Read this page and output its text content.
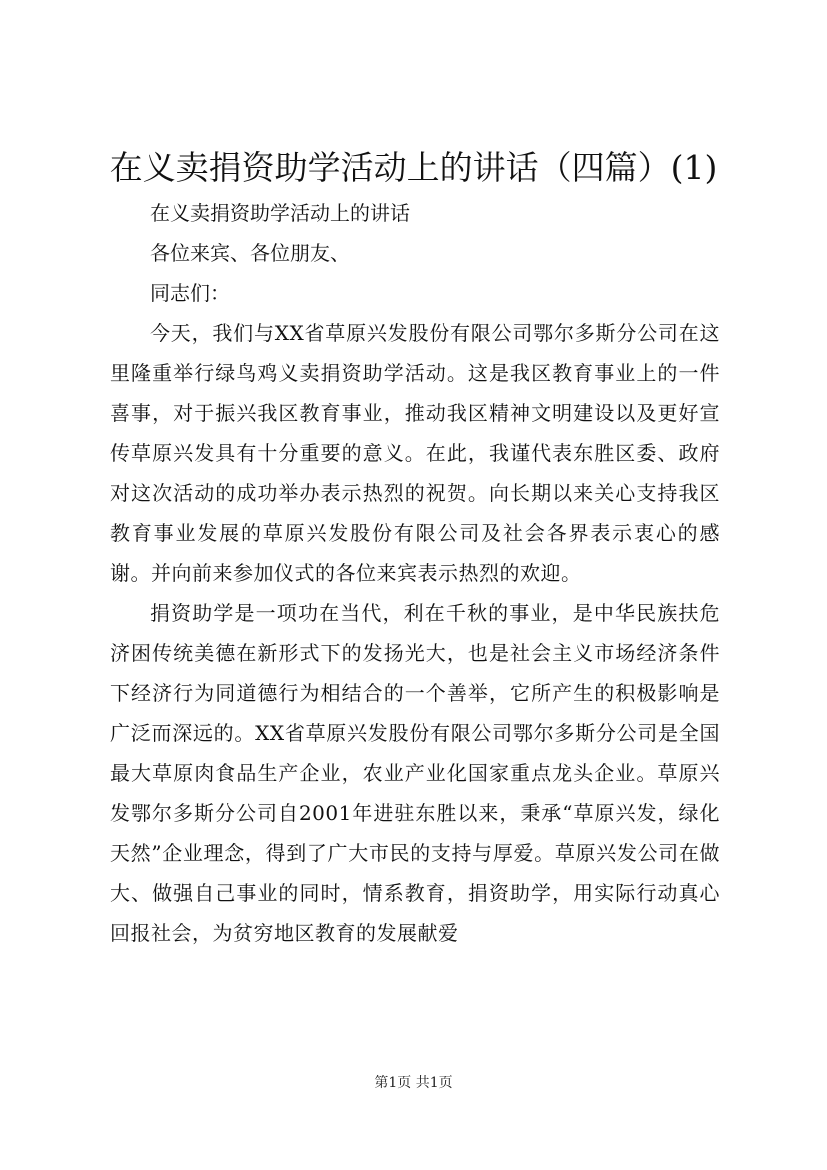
在义卖捐资助学活动上的讲话（四篇）(1)

在义卖捐资助学活动上的讲话

各位来宾、各位朋友、

同志们：

今天，我们与XX省草原兴发股份有限公司鄂尔多斯分公司在这里隆重举行绿鸟鸡义卖捐资助学活动。这是我区教育事业上的一件喜事，对于振兴我区教育事业，推动我区精神文明建设以及更好宣传草原兴发具有十分重要的意义。在此，我谨代表东胜区委、政府对这次活动的成功举办表示热烈的祝贺。向长期以来关心支持我区教育事业发展的草原兴发股份有限公司及社会各界表示衷心的感谢。并向前来参加仪式的各位来宾表示热烈的欢迎。

捐资助学是一项功在当代，利在千秋的事业，是中华民族扶危济困传统美德在新形式下的发扬光大，也是社会主义市场经济条件下经济行为同道德行为相结合的一个善举，它所产生的积极影响是广泛而深远的。XX省草原兴发股份有限公司鄂尔多斯分公司是全国最大草原肉食品生产企业，农业产业化国家重点龙头企业。草原兴发鄂尔多斯分公司自2001年进驻东胜以来，秉承“草原兴发，绿化天然”企业理念，得到了广大市民的支持与厚爱。草原兴发公司在做大、做强自己事业的同时，情系教育，捐资助学，用实际行动真心回报社会，为贫穷地区教育的发展献爱

第1页 共1页
